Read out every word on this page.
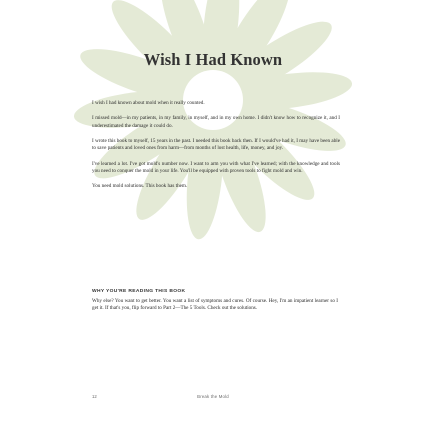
Wish I Had Known

I wish I had known about mold when it really counted.

I missed mold—in my patients, in my family, in myself, and in my own home. I didn't know how to recognize it, and I underestimated the damage it could do.

I wrote this book to myself, 15 years in the past. I needed this book back then. If I would've had it, I may have been able to save patients and loved ones from harm—from months of lost health, life, money, and joy.

I've learned a lot. I've got mold's number now. I want to arm you with what I've learned; with the knowledge and tools you need to conquer the mold in your life. You'll be equipped with proven tools to fight mold and win.

You need mold solutions. This book has them.

WHY YOU'RE READING THIS BOOK

Why else? You want to get better. You want a list of symptoms and cures. Of course. Hey, I'm an impatient learner so I get it. If that's you, flip forward to Part 2—The 5 Tools. Check out the solutions.

12	Break the Mold
